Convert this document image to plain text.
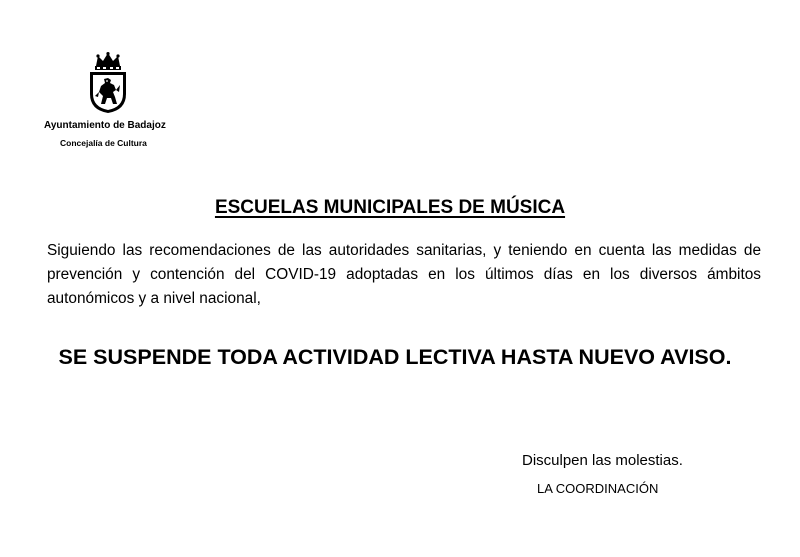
Ayuntamiento de Badajoz
Concejalía de Cultura
ESCUELAS MUNICIPALES DE MÚSICA
Siguiendo las recomendaciones de las autoridades sanitarias, y teniendo en cuenta las medidas de prevención y contención del COVID-19 adoptadas en los últimos días en los diversos ámbitos autonómicos y a nivel nacional,
SE SUSPENDE TODA ACTIVIDAD LECTIVA HASTA NUEVO AVISO.
Disculpen las molestias.
LA COORDINACIÓN
